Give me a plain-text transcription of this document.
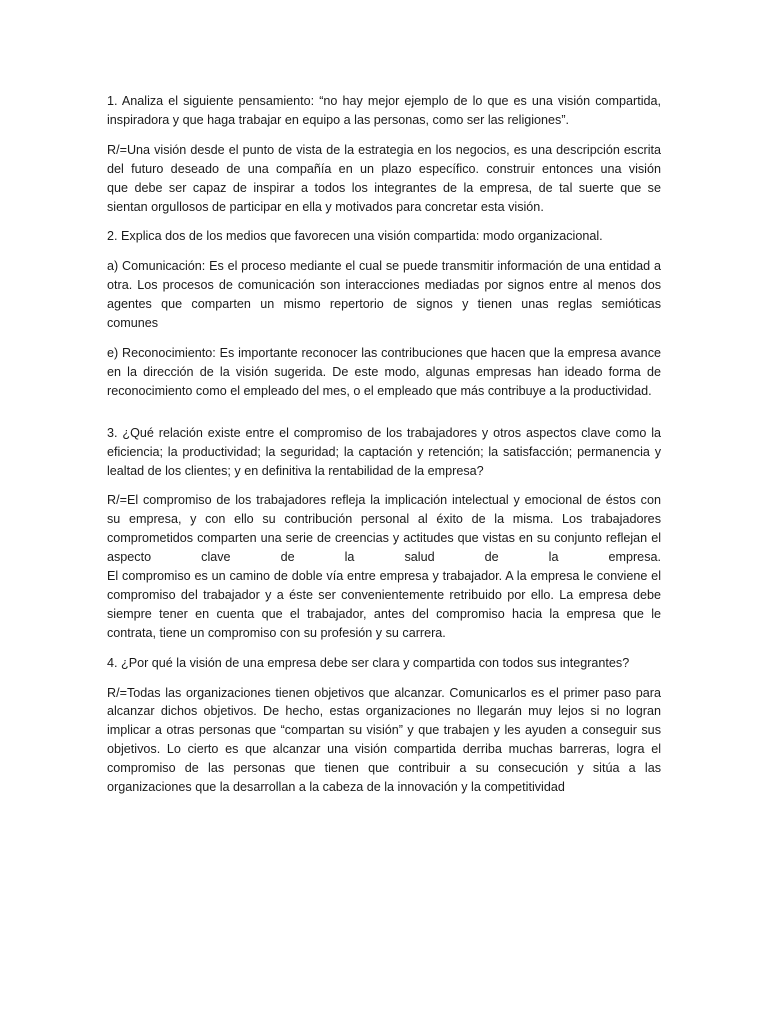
1. Analiza el siguiente pensamiento: “no hay mejor ejemplo de lo que es una visión compartida,
inspiradora y que haga trabajar en equipo a las personas, como ser las religiones”.

R/=Una visión desde el punto de vista de la estrategia en los negocios, es una descripción escrita
del futuro deseado de una compañía en un plazo específico. construir entonces una visión
que debe ser capaz de inspirar a todos los integrantes de la empresa, de tal suerte que se
sientan orgullosos de participar en ella y motivados para concretar esta visión.

2. Explica dos de los medios que favorecen una visión compartida: modo organizacional.

a) Comunicación: Es el proceso mediante el cual se puede transmitir información de una entidad a
otra. Los procesos de comunicación son interacciones mediadas por signos entre al menos dos
agentes que comparten un mismo repertorio de signos y tienen unas reglas semióticas
comunes

e) Reconocimiento: Es importante reconocer las contribuciones que hacen que la empresa avance
en la dirección de la visión sugerida. De este modo, algunas empresas han ideado forma de
reconocimiento como el empleado del mes, o el empleado que más contribuye a la productividad.

3. ¿Qué relación existe entre el compromiso de los trabajadores y otros aspectos clave como la
eficiencia; la productividad; la seguridad; la captación y retención; la satisfacción; permanencia y
lealtad de los clientes; y en definitiva la rentabilidad de la empresa?

R/=El compromiso de los trabajadores refleja la implicación intelectual y emocional de éstos con
su empresa, y con ello su contribución personal al éxito de la misma. Los trabajadores
comprometidos comparten una serie de creencias y actitudes que vistas en su conjunto reflejan el
aspecto clave de la salud de la empresa.
El compromiso es un camino de doble vía entre empresa y trabajador. A la empresa le conviene el
compromiso del trabajador y a éste ser convenientemente retribuido por ello. La empresa debe
siempre tener en cuenta que el trabajador, antes del compromiso hacia la empresa que le
contrata, tiene un compromiso con su profesión y su carrera.

4. ¿Por qué la visión de una empresa debe ser clara y compartida con todos sus integrantes?

R/=Todas las organizaciones tienen objetivos que alcanzar. Comunicarlos es el primer paso para
alcanzar dichos objetivos. De hecho, estas organizaciones no llegarán muy lejos si no logran
implicar a otras personas que “compartan su visión” y que trabajen y les ayuden a conseguir sus
objetivos. Lo cierto es que alcanzar una visión compartida derriba muchas barreras, logra el
compromiso de las personas que tienen que contribuir a su consecución y sitúa a las
organizaciones que la desarrollan a la cabeza de la innovación y la competitividad
